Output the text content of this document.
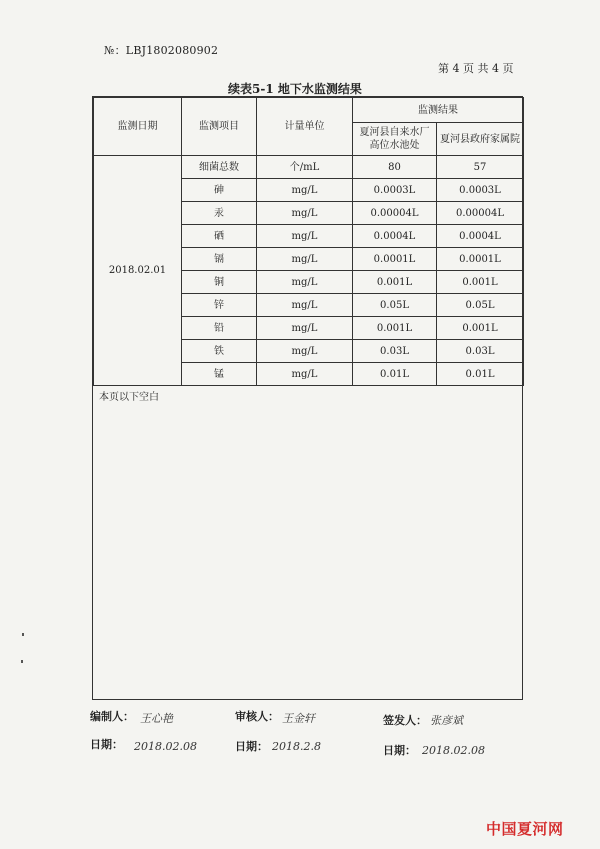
№：LBJ1802080902
第 4 页 共 4 页
续表5-1 地下水监测结果
监测日期	监测项目	计量单位	监测结果	
			夏河县自来水厂高位水池处	夏河县政府家属院
2018.02.01	细菌总数	个/mL	80	57
	砷	mg/L	0.0003L	0.0003L
	汞	mg/L	0.00004L	0.00004L
	硒	mg/L	0.0004L	0.0004L
	镉	mg/L	0.0001L	0.0001L
	铜	mg/L	0.001L	0.001L
	锌	mg/L	0.05L	0.05L
	铅	mg/L	0.001L	0.001L
	铁	mg/L	0.03L	0.03L
	锰	mg/L	0.01L	0.01L
本页以下空白
编制人： 王心艳	审核人： 王金轩	签发人： 张彦斌
日期： 2018.02.08	日期： 2018.2.8	日期： 2018.02.08
中国夏河网
